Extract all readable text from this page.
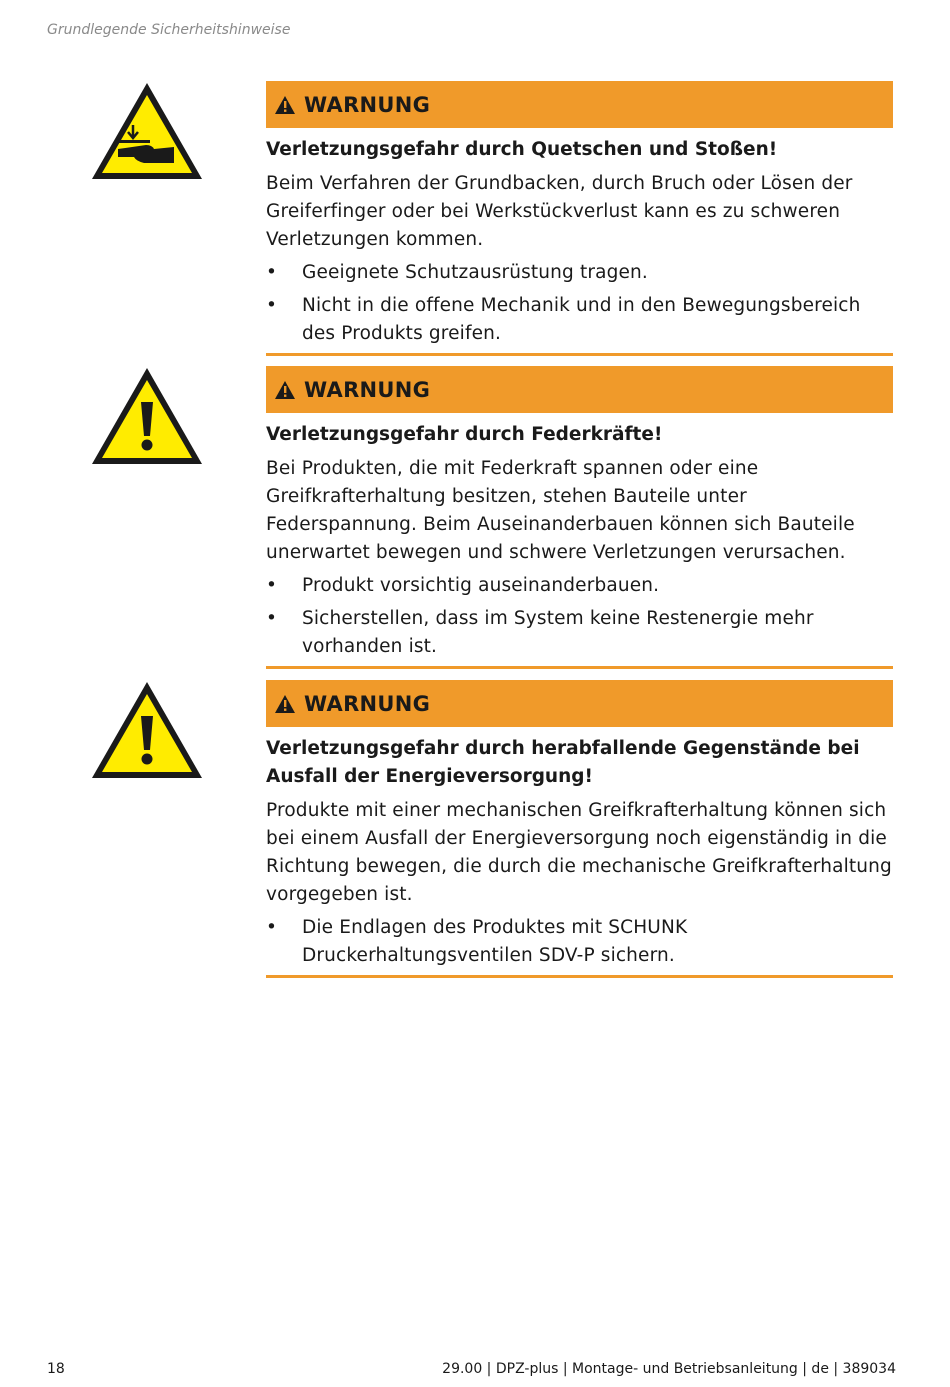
Grundlegende Sicherheitshinweise
WARNUNG
Verletzungsgefahr durch Quetschen und Stoßen!
Beim Verfahren der Grundbacken, durch Bruch oder Lösen der Greiferfinger oder bei Werkstückverlust kann es zu schweren Verletzungen kommen.
• Geeignete Schutzausrüstung tragen.
• Nicht in die offene Mechanik und in den Bewegungsbereich des Produkts greifen.
WARNUNG
Verletzungsgefahr durch Federkräfte!
Bei Produkten, die mit Federkraft spannen oder eine Greifkrafterhaltung besitzen, stehen Bauteile unter Federspannung. Beim Auseinanderbauen können sich Bauteile unerwartet bewegen und schwere Verletzungen verursachen.
• Produkt vorsichtig auseinanderbauen.
• Sicherstellen, dass im System keine Restenergie mehr vorhanden ist.
WARNUNG
Verletzungsgefahr durch herabfallende Gegenstände bei Ausfall der Energieversorgung!
Produkte mit einer mechanischen Greifkrafterhaltung können sich bei einem Ausfall der Energieversorgung noch eigenständig in die Richtung bewegen, die durch die mechanische Greifkrafterhaltung vorgegeben ist.
• Die Endlagen des Produktes mit SCHUNK Druckerhaltungsventilen SDV-P sichern.
18	29.00 | DPZ-plus | Montage- und Betriebsanleitung | de | 389034
